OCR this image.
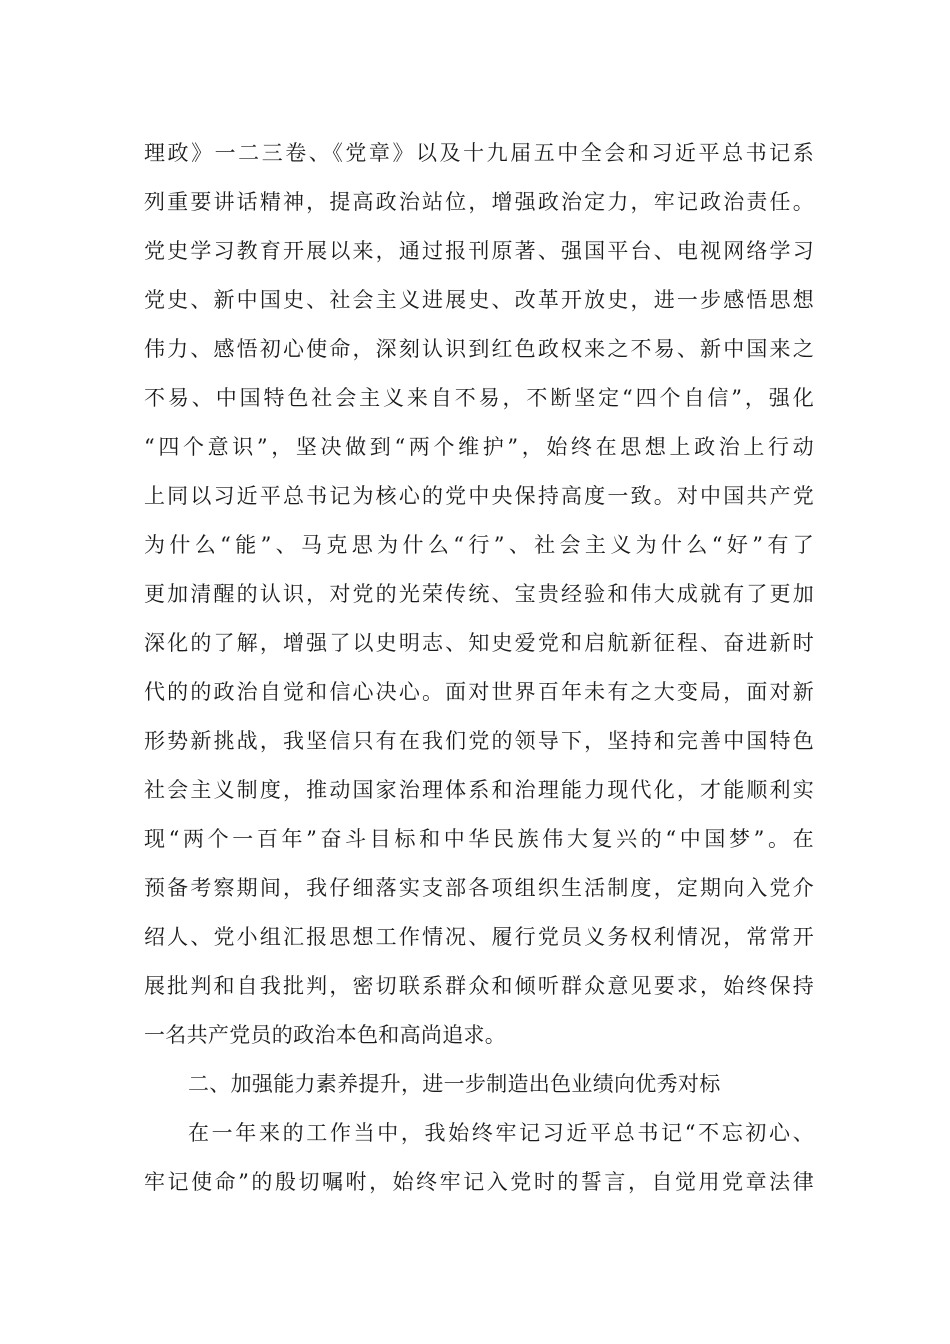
理政》一二三卷、《党章》以及十九届五中全会和习近平总书记系
列重要讲话精神，提高政治站位，增强政治定力，牢记政治责任。
党史学习教育开展以来，通过报刊原著、强国平台、电视网络学习
党史、新中国史、社会主义进展史、改革开放史，进一步感悟思想
伟力、感悟初心使命，深刻认识到红色政权来之不易、新中国来之
不易、中国特色社会主义来自不易，不断坚定“四个自信”，强化
“四个意识”，坚决做到“两个维护”，始终在思想上政治上行动
上同以习近平总书记为核心的党中央保持高度一致。对中国共产党
为什么“能”、马克思为什么“行”、社会主义为什么“好”有了
更加清醒的认识，对党的光荣传统、宝贵经验和伟大成就有了更加
深化的了解，增强了以史明志、知史爱党和启航新征程、奋进新时
代的的政治自觉和信心决心。面对世界百年未有之大变局，面对新
形势新挑战，我坚信只有在我们党的领导下，坚持和完善中国特色
社会主义制度，推动国家治理体系和治理能力现代化，才能顺利实
现“两个一百年”奋斗目标和中华民族伟大复兴的“中国梦”。在
预备考察期间，我仔细落实支部各项组织生活制度，定期向入党介
绍人、党小组汇报思想工作情况、履行党员义务权利情况，常常开
展批判和自我批判，密切联系群众和倾听群众意见要求，始终保持
一名共产党员的政治本色和高尚追求。
二、加强能力素养提升，进一步制造出色业绩向优秀对标
在一年来的工作当中，我始终牢记习近平总书记“不忘初心、
牢记使命”的殷切嘱咐，始终牢记入党时的誓言，自觉用党章法律
